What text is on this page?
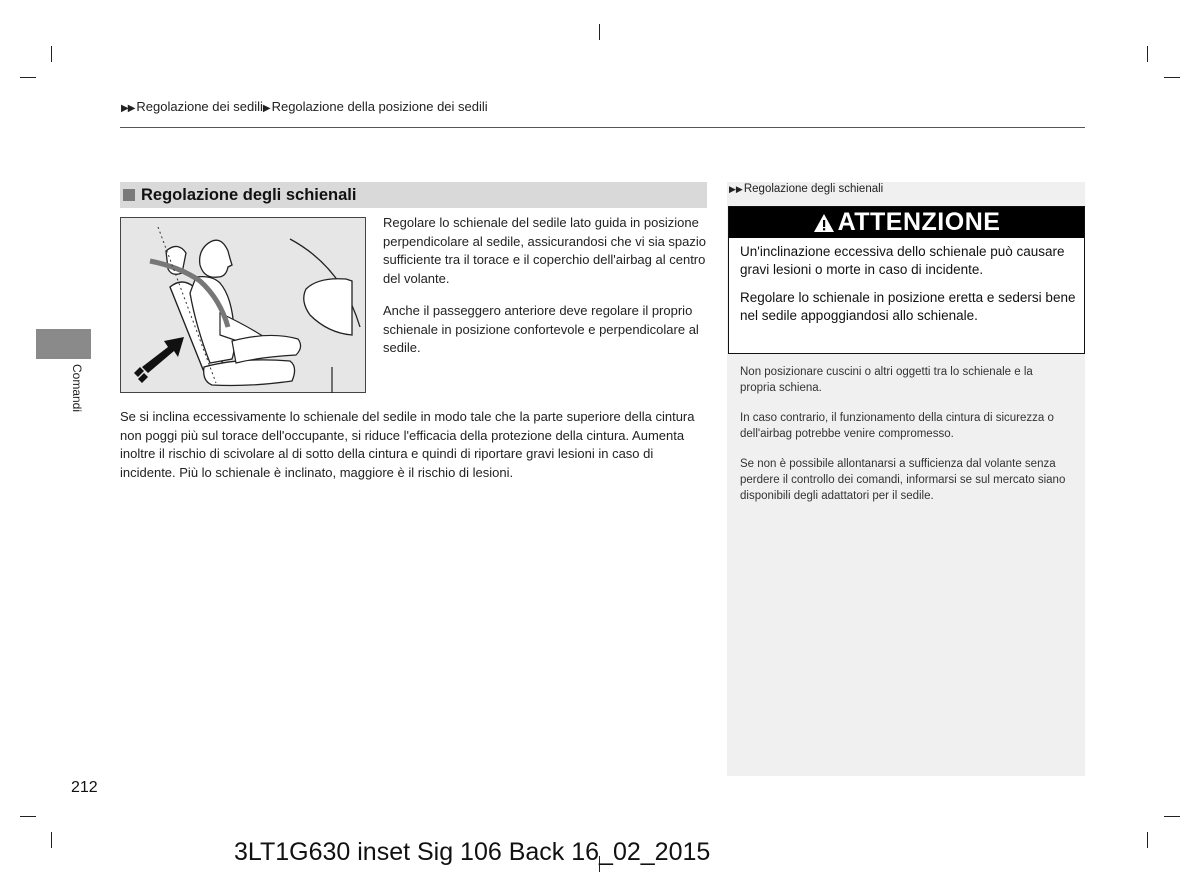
▶▶ Regolazione dei sedili▶ Regolazione della posizione dei sedili
Regolazione degli schienali
Regolare lo schienale del sedile lato guida in posizione perpendicolare al sedile, assicurandosi che vi sia spazio sufficiente tra il torace e il coperchio dell'airbag al centro del volante.
Anche il passeggero anteriore deve regolare il proprio schienale in posizione confortevole e perpendicolare al sedile.
Se si inclina eccessivamente lo schienale del sedile in modo tale che la parte superiore della cintura non poggi più sul torace dell'occupante, si riduce l'efficacia della protezione della cintura. Aumenta inoltre il rischio di scivolare al di sotto della cintura e quindi di riportare gravi lesioni in caso di incidente. Più lo schienale è inclinato, maggiore è il rischio di lesioni.
▶▶Regolazione degli schienali
ATTENZIONE
Un'inclinazione eccessiva dello schienale può causare gravi lesioni o morte in caso di incidente.
Regolare lo schienale in posizione eretta e sedersi bene nel sedile appoggiandosi allo schienale.
Non posizionare cuscini o altri oggetti tra lo schienale e la propria schiena.
In caso contrario, il funzionamento della cintura di sicurezza o dell'airbag potrebbe venire compromesso.
Se non è possibile allontanarsi a sufficienza dal volante senza perdere il controllo dei comandi, informarsi se sul mercato siano disponibili degli adattatori per il sedile.
Comandi
212
3LT1G630 inset Sig 106 Back 16_02_2015
